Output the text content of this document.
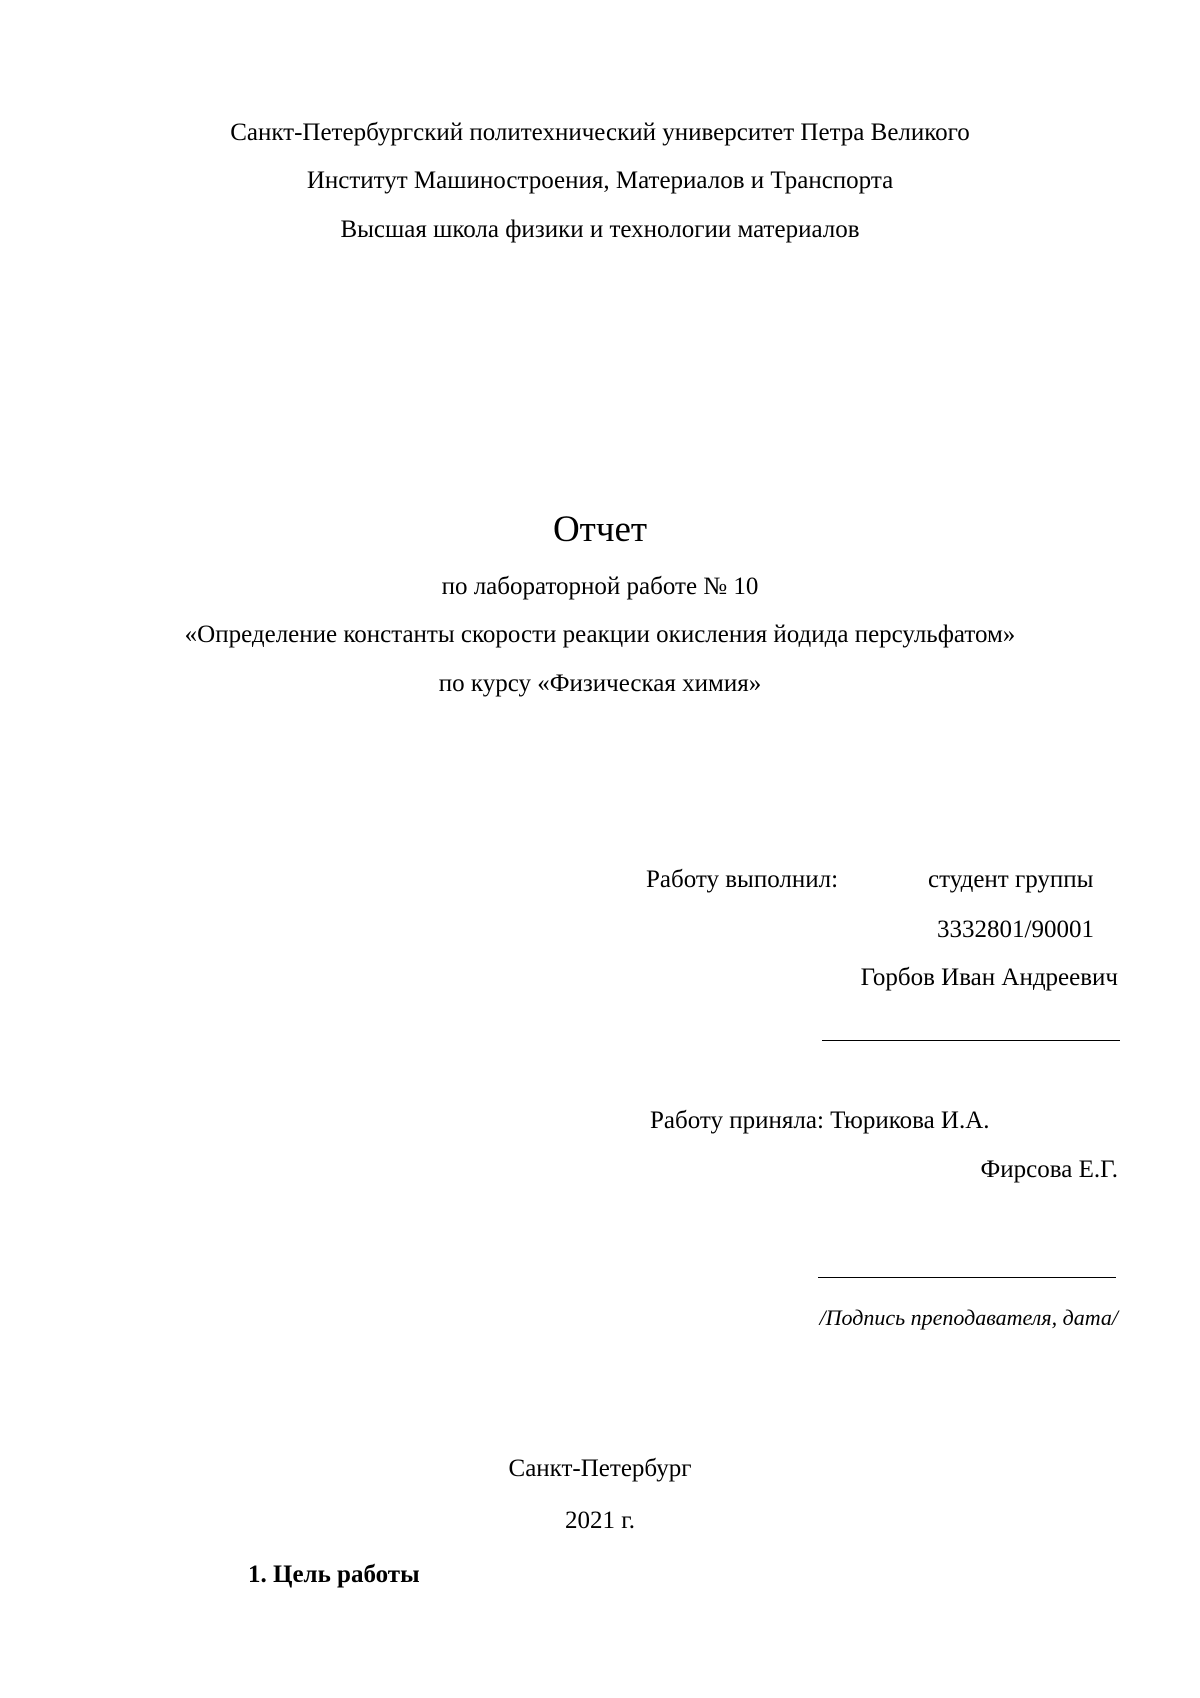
Санкт-Петербургский политехнический университет Петра Великого
Институт Машиностроения, Материалов и Транспорта
Высшая школа физики и технологии материалов
Отчет
по лабораторной работе № 10
«Определение константы скорости реакции окисления йодида персульфатом»
по курсу «Физическая химия»
Работу выполнил:	студент группы
3332801/90001
Горбов Иван Андреевич
Работу приняла: Тюрикова И.А.
Фирсова Е.Г.
/Подпись преподавателя, дата/
Санкт-Петербург
2021 г.
1. Цель работы
